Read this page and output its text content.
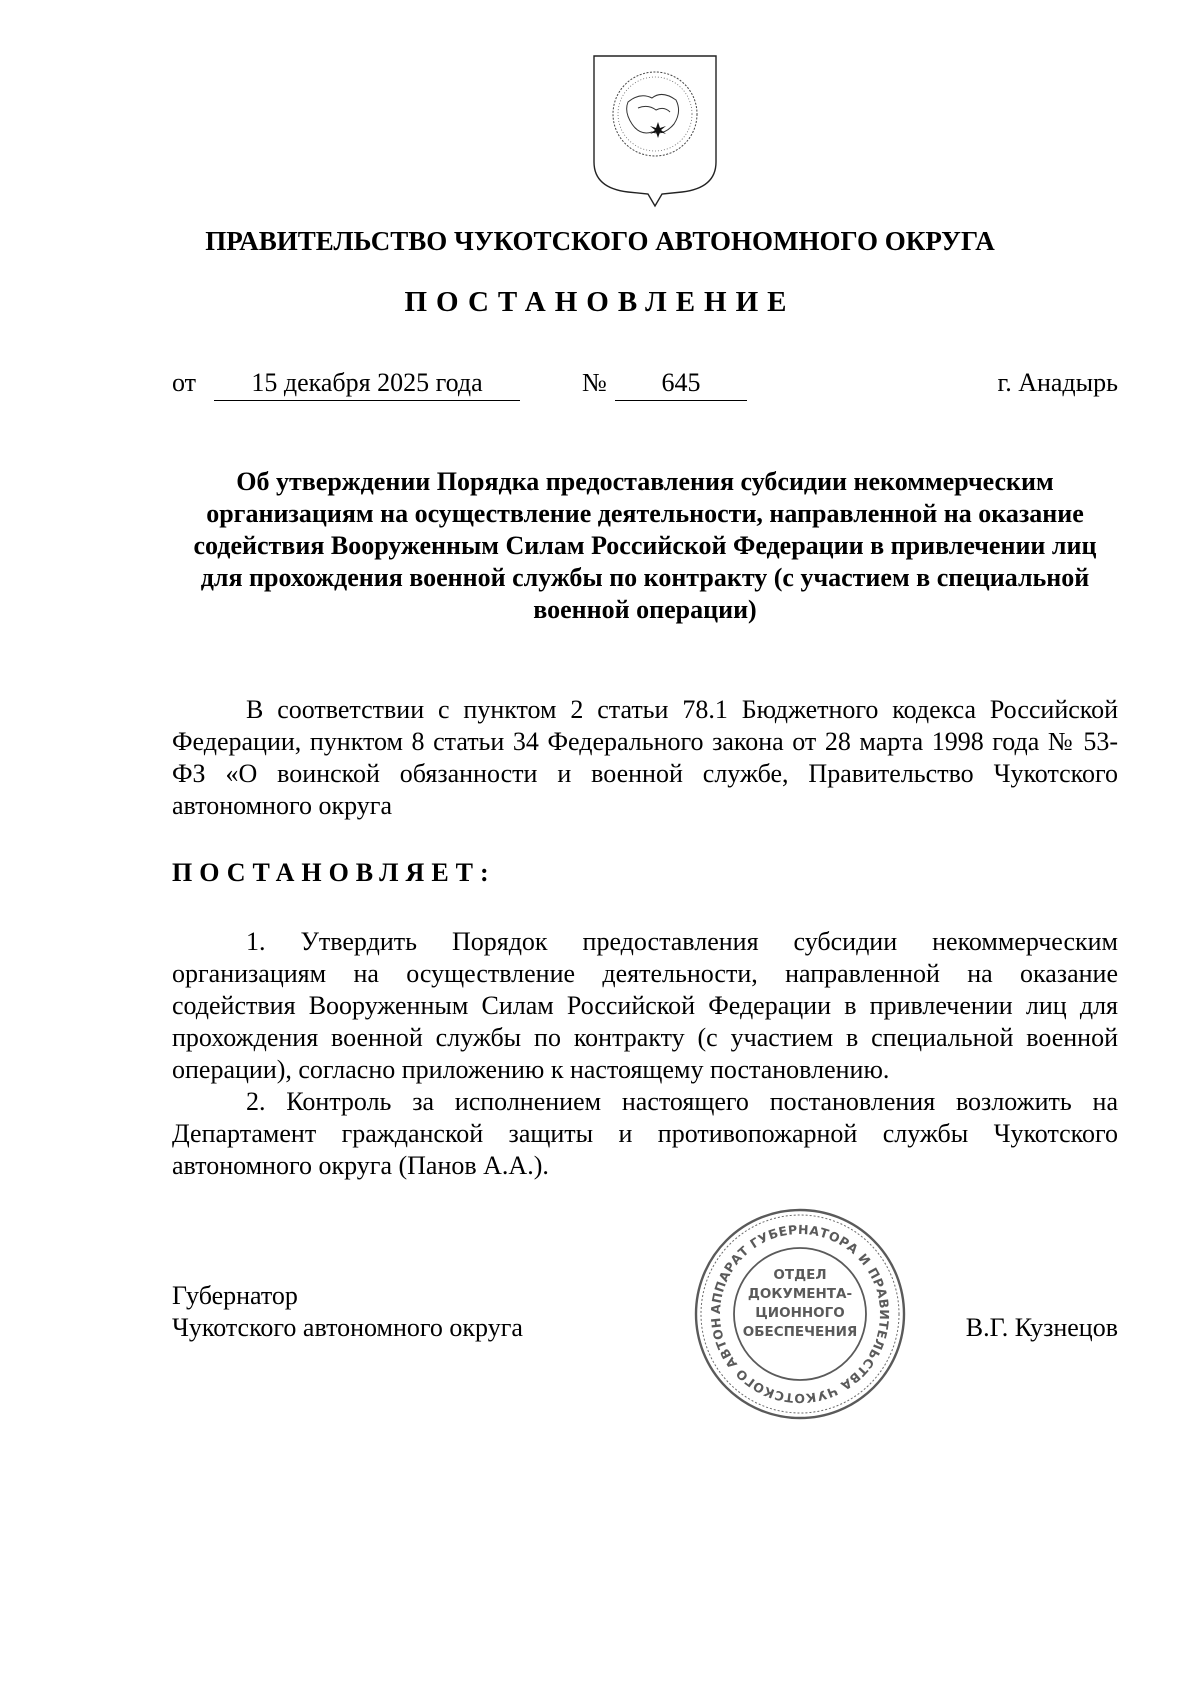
ПРАВИТЕЛЬСТВО ЧУКОТСКОГО АВТОНОМНОГО ОКРУГА
ПОСТАНОВЛЕНИЕ
от	15 декабря 2025 года	№	645	г. Анадырь
Об утверждении Порядка предоставления субсидии некоммерческим организациям на осуществление деятельности, направленной на оказание содействия Вооруженным Силам Российской Федерации в привлечении лиц для прохождения военной службы по контракту (с участием в специальной военной операции)

В соответствии с пунктом 2 статьи 78.1 Бюджетного кодекса Российской Федерации, пунктом 8 статьи 34 Федерального закона от 28 марта 1998 года № 53-ФЗ «О воинской обязанности и военной службе, Правительство Чукотского автономного округа

ПОСТАНОВЛЯЕТ:

1. Утвердить Порядок предоставления субсидии некоммерческим организациям на осуществление деятельности, направленной на оказание содействия Вооруженным Силам Российской Федерации в привлечении лиц для прохождения военной службы по контракту (с участием в специальной военной операции), согласно приложению к настоящему постановлению.

2. Контроль за исполнением настоящего постановления возложить на Департамент гражданской защиты и противопожарной службы Чукотского автономного округа (Панов А.А.).

Губернатор
Чукотского автономного округа
АППАРАТ ГУБЕРНАТОРА И ПРАВИТЕЛЬСТВА ЧУКОТСКОГО АВТОН
ОТДЕЛ
ДОКУМЕНТА-
ЦИОННОГО
ОБЕСПЕЧЕНИЯ	В.Г. Кузнецов
